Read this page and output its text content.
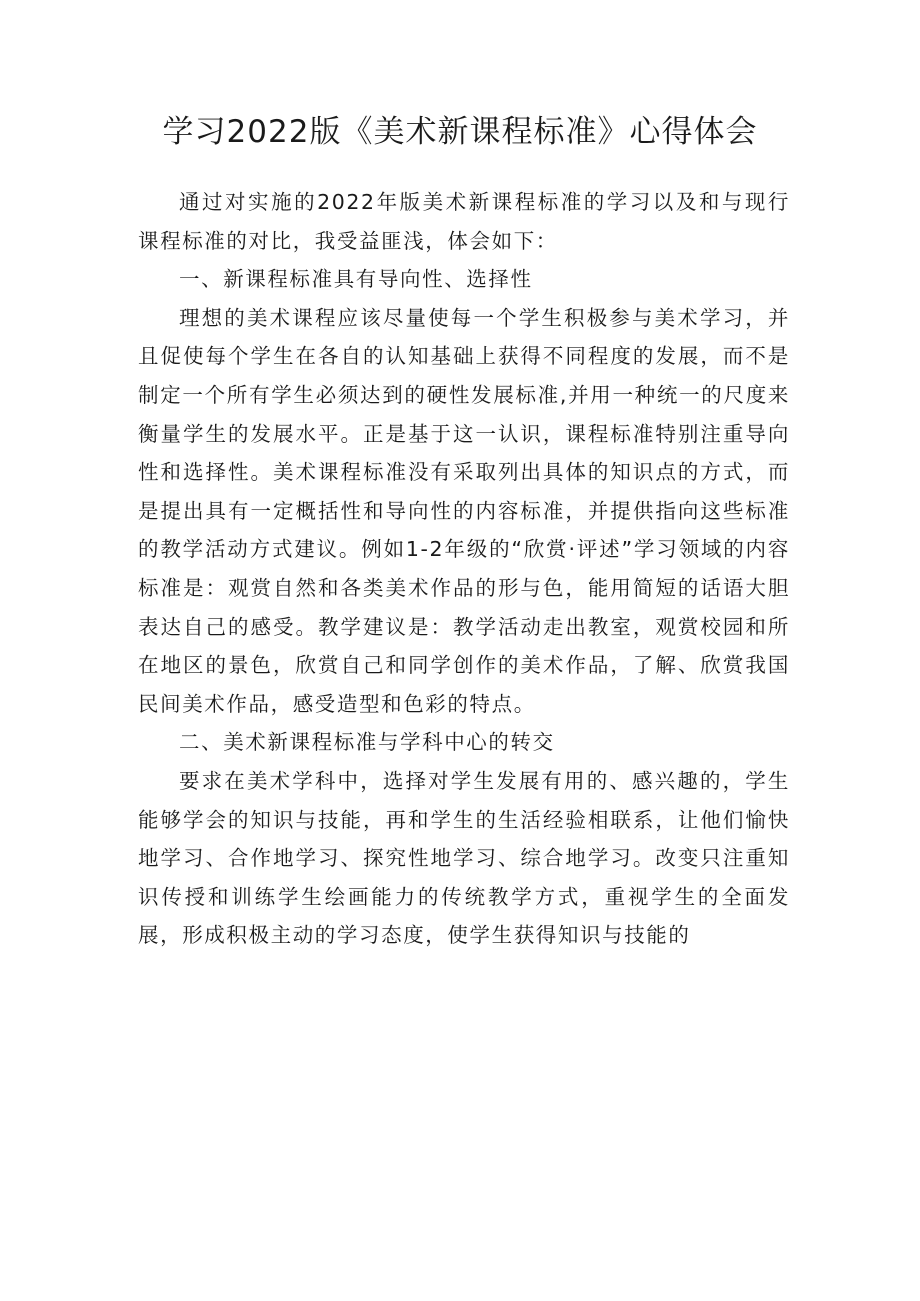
学习2022版《美术新课程标准》心得体会

通过对实施的2022年版美术新课程标准的学习以及和与现行课程标准的对比，我受益匪浅，体会如下：

一、新课程标准具有导向性、选择性

理想的美术课程应该尽量使每一个学生积极参与美术学习，并且促使每个学生在各自的认知基础上获得不同程度的发展，而不是制定一个所有学生必须达到的硬性发展标准,并用一种统一的尺度来衡量学生的发展水平。正是基于这一认识，课程标准特别注重导向性和选择性。美术课程标准没有采取列出具体的知识点的方式，而是提出具有一定概括性和导向性的内容标准，并提供指向这些标准的教学活动方式建议。例如1-2年级的“欣赏·评述”学习领域的内容标准是：观赏自然和各类美术作品的形与色，能用简短的话语大胆表达自己的感受。教学建议是：教学活动走出教室，观赏校园和所在地区的景色，欣赏自己和同学创作的美术作品，了解、欣赏我国民间美术作品，感受造型和色彩的特点。

二、美术新课程标准与学科中心的转交

要求在美术学科中，选择对学生发展有用的、感兴趣的，学生能够学会的知识与技能，再和学生的生活经验相联系，让他们愉快地学习、合作地学习、探究性地学习、综合地学习。改变只注重知识传授和训练学生绘画能力的传统教学方式，重视学生的全面发展，形成积极主动的学习态度，使学生获得知识与技能的
